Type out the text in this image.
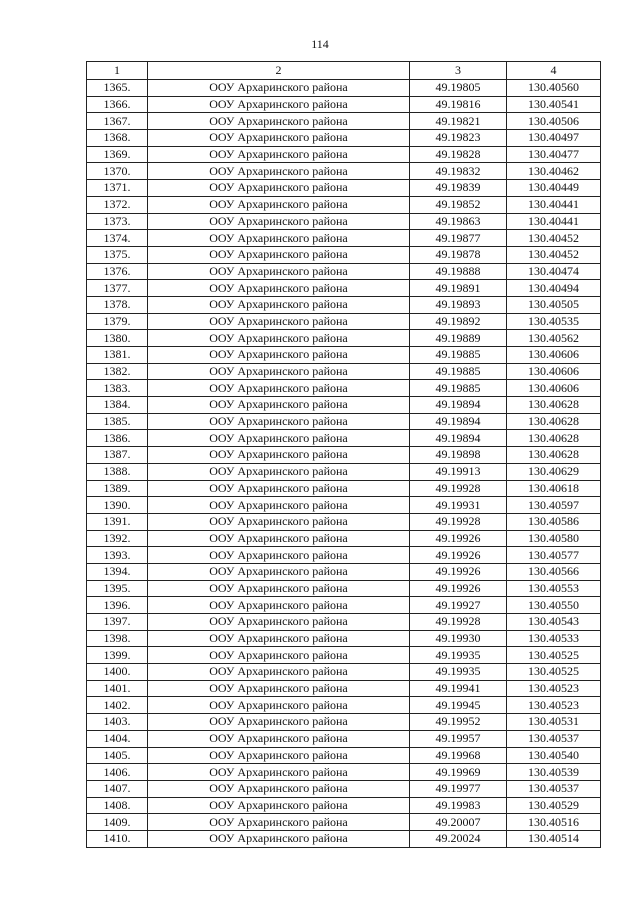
114
1	2	3	4
1365.	ООУ Архаринского района	49.19805	130.40560
1366.	ООУ Архаринского района	49.19816	130.40541
1367.	ООУ Архаринского района	49.19821	130.40506
1368.	ООУ Архаринского района	49.19823	130.40497
1369.	ООУ Архаринского района	49.19828	130.40477
1370.	ООУ Архаринского района	49.19832	130.40462
1371.	ООУ Архаринского района	49.19839	130.40449
1372.	ООУ Архаринского района	49.19852	130.40441
1373.	ООУ Архаринского района	49.19863	130.40441
1374.	ООУ Архаринского района	49.19877	130.40452
1375.	ООУ Архаринского района	49.19878	130.40452
1376.	ООУ Архаринского района	49.19888	130.40474
1377.	ООУ Архаринского района	49.19891	130.40494
1378.	ООУ Архаринского района	49.19893	130.40505
1379.	ООУ Архаринского района	49.19892	130.40535
1380.	ООУ Архаринского района	49.19889	130.40562
1381.	ООУ Архаринского района	49.19885	130.40606
1382.	ООУ Архаринского района	49.19885	130.40606
1383.	ООУ Архаринского района	49.19885	130.40606
1384.	ООУ Архаринского района	49.19894	130.40628
1385.	ООУ Архаринского района	49.19894	130.40628
1386.	ООУ Архаринского района	49.19894	130.40628
1387.	ООУ Архаринского района	49.19898	130.40628
1388.	ООУ Архаринского района	49.19913	130.40629
1389.	ООУ Архаринского района	49.19928	130.40618
1390.	ООУ Архаринского района	49.19931	130.40597
1391.	ООУ Архаринского района	49.19928	130.40586
1392.	ООУ Архаринского района	49.19926	130.40580
1393.	ООУ Архаринского района	49.19926	130.40577
1394.	ООУ Архаринского района	49.19926	130.40566
1395.	ООУ Архаринского района	49.19926	130.40553
1396.	ООУ Архаринского района	49.19927	130.40550
1397.	ООУ Архаринского района	49.19928	130.40543
1398.	ООУ Архаринского района	49.19930	130.40533
1399.	ООУ Архаринского района	49.19935	130.40525
1400.	ООУ Архаринского района	49.19935	130.40525
1401.	ООУ Архаринского района	49.19941	130.40523
1402.	ООУ Архаринского района	49.19945	130.40523
1403.	ООУ Архаринского района	49.19952	130.40531
1404.	ООУ Архаринского района	49.19957	130.40537
1405.	ООУ Архаринского района	49.19968	130.40540
1406.	ООУ Архаринского района	49.19969	130.40539
1407.	ООУ Архаринского района	49.19977	130.40537
1408.	ООУ Архаринского района	49.19983	130.40529
1409.	ООУ Архаринского района	49.20007	130.40516
1410.	ООУ Архаринского района	49.20024	130.40514
